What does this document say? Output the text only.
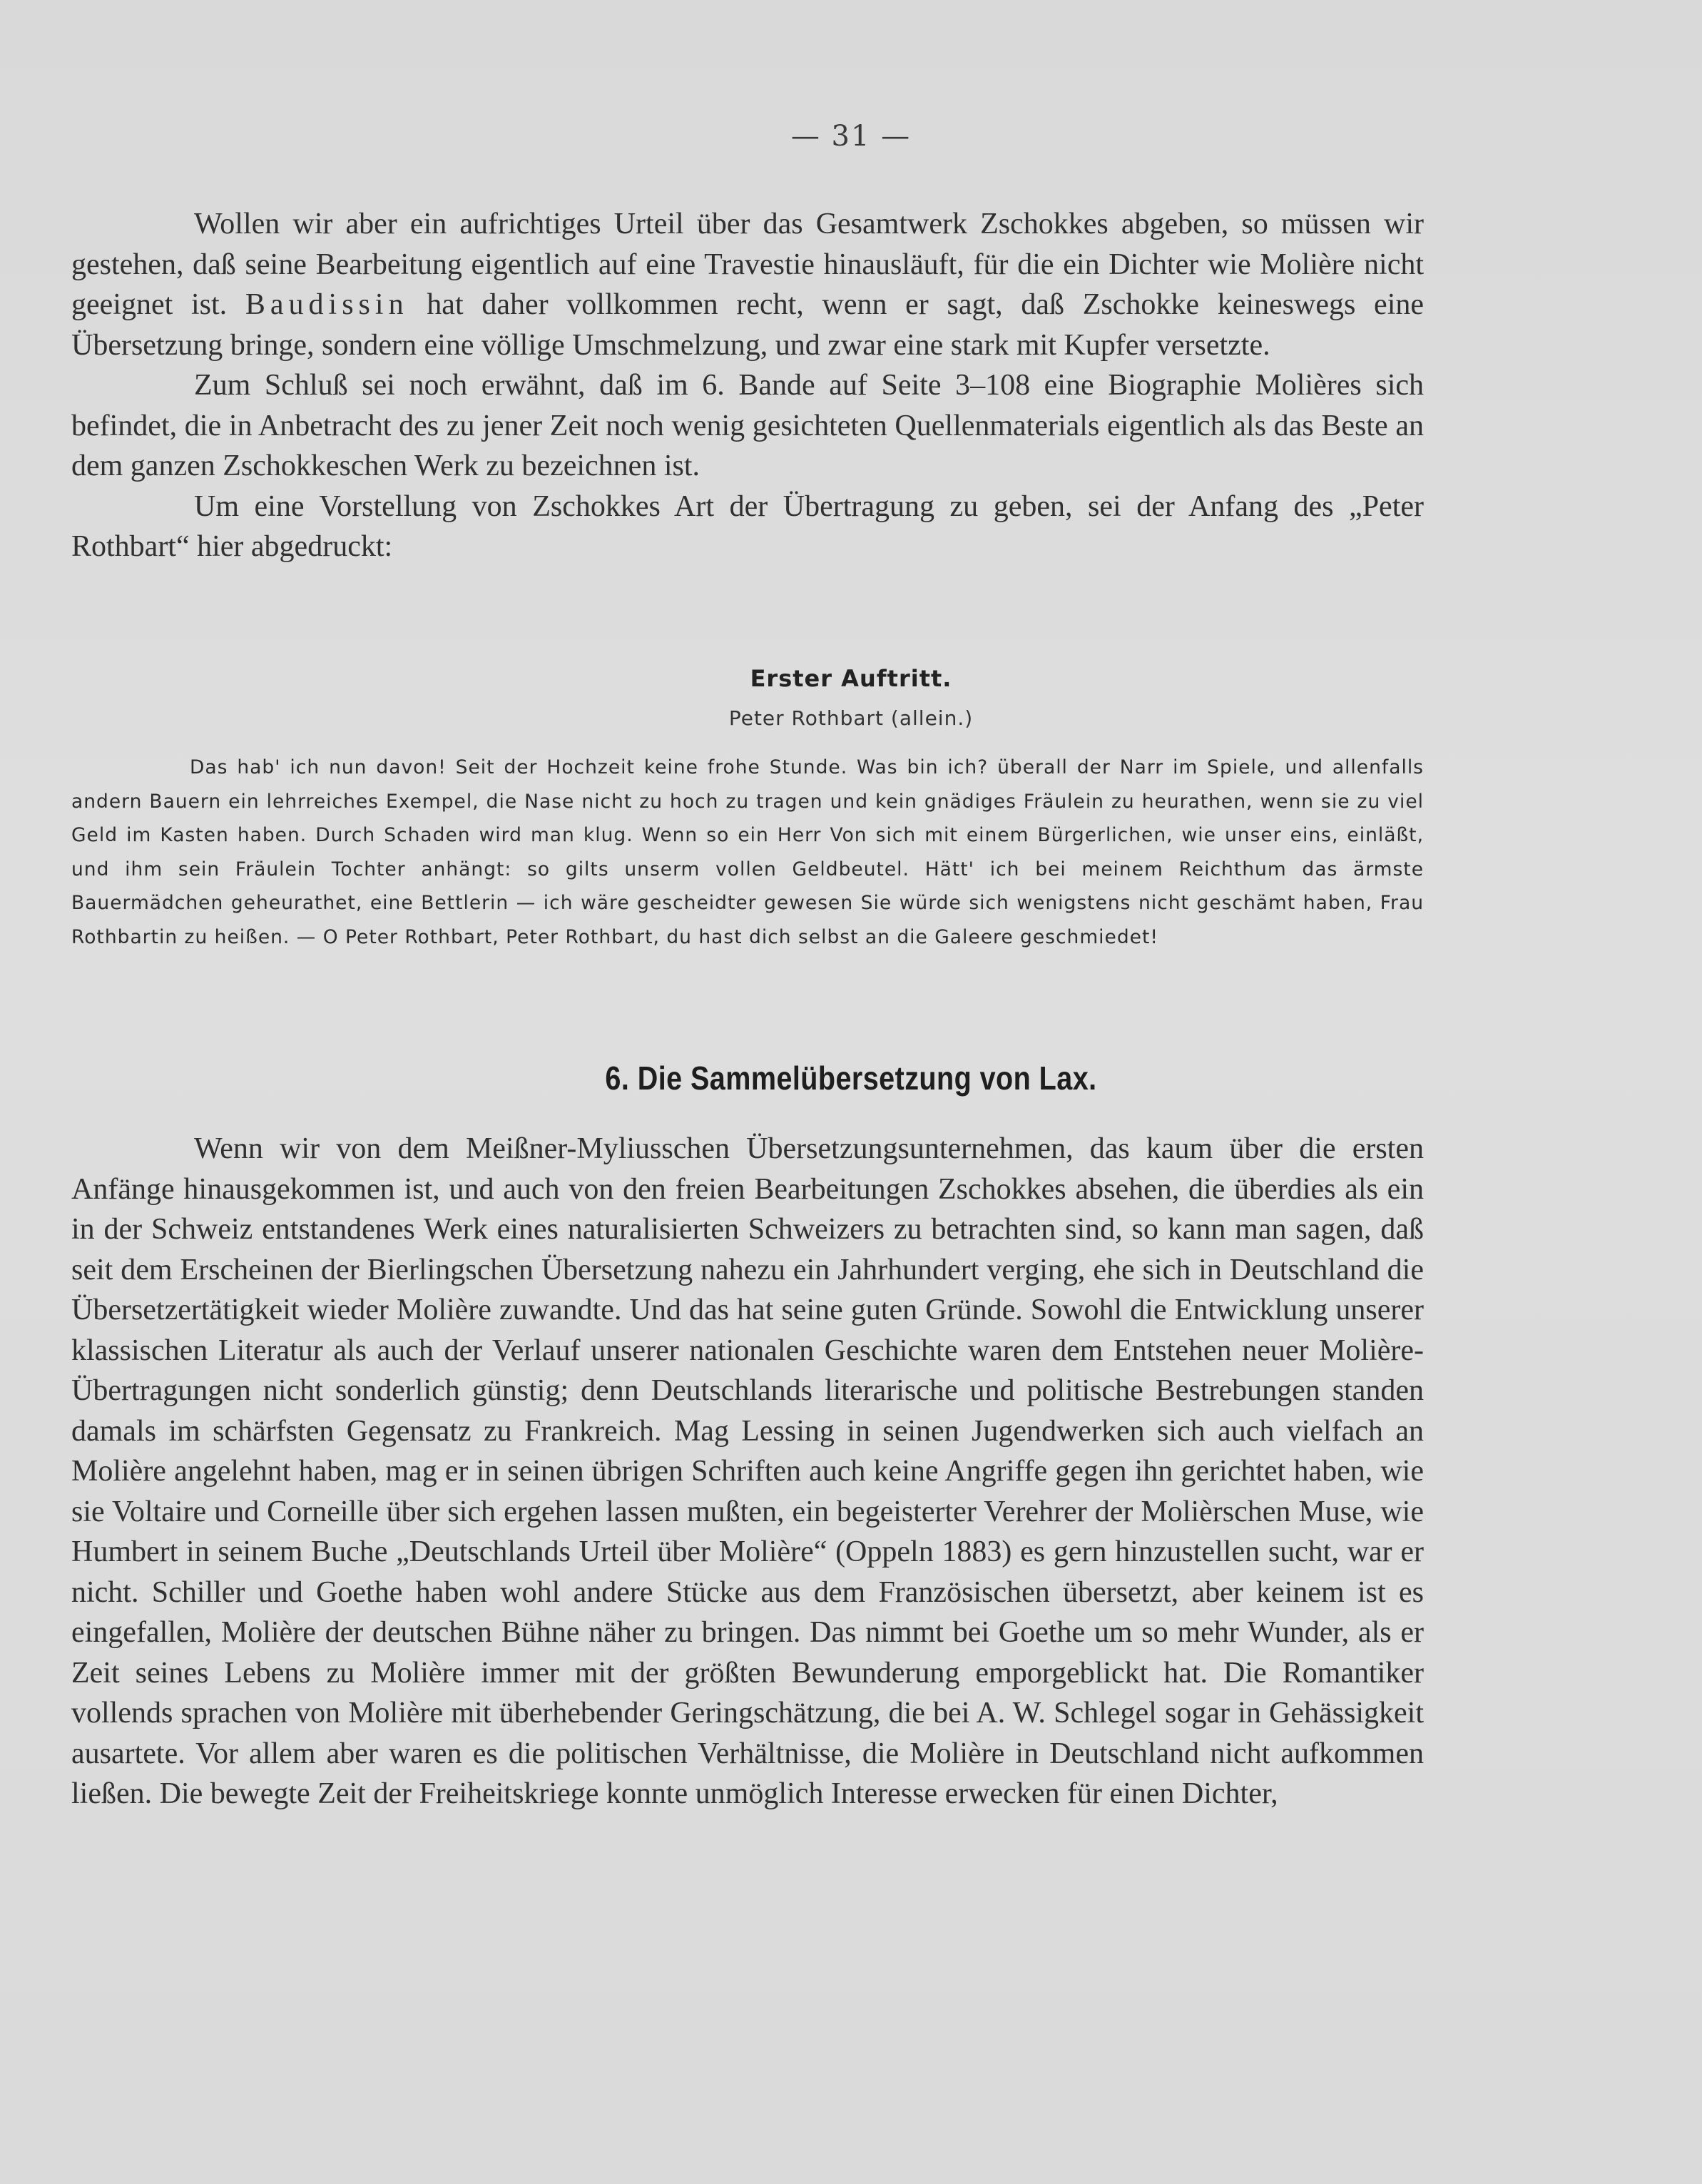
— 31 —

Wollen wir aber ein aufrichtiges Urteil über das Gesamtwerk Zschokkes abgeben, so müssen wir gestehen, daß seine Bearbeitung eigentlich auf eine Travestie hinausläuft, für die ein Dichter wie Molière nicht geeignet ist. Baudissin hat daher vollkommen recht, wenn er sagt, daß Zschokke keineswegs eine Übersetzung bringe, sondern eine völlige Umschmelzung, und zwar eine stark mit Kupfer versetzte.

Zum Schluß sei noch erwähnt, daß im 6. Bande auf Seite 3–108 eine Biographie Molières sich befindet, die in Anbetracht des zu jener Zeit noch wenig gesichteten Quellenmaterials eigentlich als das Beste an dem ganzen Zschokkeschen Werk zu bezeichnen ist.

Um eine Vorstellung von Zschokkes Art der Übertragung zu geben, sei der Anfang des „Peter Rothbart“ hier abgedruckt:

Erster Auftritt.
Peter Rothbart (allein.)

Das hab' ich nun davon! Seit der Hochzeit keine frohe Stunde. Was bin ich? überall der Narr im Spiele, und allenfalls andern Bauern ein lehrreiches Exempel, die Nase nicht zu hoch zu tragen und kein gnädiges Fräulein zu heurathen, wenn sie zu viel Geld im Kasten haben. Durch Schaden wird man klug. Wenn so ein Herr Von sich mit einem Bürgerlichen, wie unser eins, einläßt, und ihm sein Fräulein Tochter anhängt: so gilts unserm vollen Geldbeutel. Hätt' ich bei meinem Reichthum das ärmste Bauermädchen geheurathet, eine Bettlerin — ich wäre gescheidter gewesen Sie würde sich wenigstens nicht geschämt haben, Frau Rothbartin zu heißen. — O Peter Rothbart, Peter Rothbart, du hast dich selbst an die Galeere geschmiedet!

6. Die Sammelübersetzung von Lax.

Wenn wir von dem Meißner-Myliusschen Übersetzungsunternehmen, das kaum über die ersten Anfänge hinausgekommen ist, und auch von den freien Bearbeitungen Zschokkes absehen, die überdies als ein in der Schweiz entstandenes Werk eines naturalisierten Schweizers zu betrachten sind, so kann man sagen, daß seit dem Erscheinen der Bierlingschen Übersetzung nahezu ein Jahrhundert verging, ehe sich in Deutschland die Übersetzertätigkeit wieder Molière zuwandte. Und das hat seine guten Gründe. Sowohl die Entwicklung unserer klassischen Literatur als auch der Verlauf unserer nationalen Geschichte waren dem Entstehen neuer Molière-Übertragungen nicht sonderlich günstig; denn Deutschlands literarische und politische Bestrebungen standen damals im schärfsten Gegensatz zu Frankreich. Mag Lessing in seinen Jugendwerken sich auch vielfach an Molière angelehnt haben, mag er in seinen übrigen Schriften auch keine Angriffe gegen ihn gerichtet haben, wie sie Voltaire und Corneille über sich ergehen lassen mußten, ein begeisterter Verehrer der Molièrschen Muse, wie Humbert in seinem Buche „Deutschlands Urteil über Molière“ (Oppeln 1883) es gern hinzustellen sucht, war er nicht. Schiller und Goethe haben wohl andere Stücke aus dem Französischen übersetzt, aber keinem ist es eingefallen, Molière der deutschen Bühne näher zu bringen. Das nimmt bei Goethe um so mehr Wunder, als er Zeit seines Lebens zu Molière immer mit der größten Bewunderung emporgeblickt hat. Die Romantiker vollends sprachen von Molière mit überhebender Geringschätzung, die bei A. W. Schlegel sogar in Gehässigkeit ausartete. Vor allem aber waren es die politischen Verhältnisse, die Molière in Deutschland nicht aufkommen ließen. Die bewegte Zeit der Freiheitskriege konnte unmöglich Interesse erwecken für einen Dichter,
